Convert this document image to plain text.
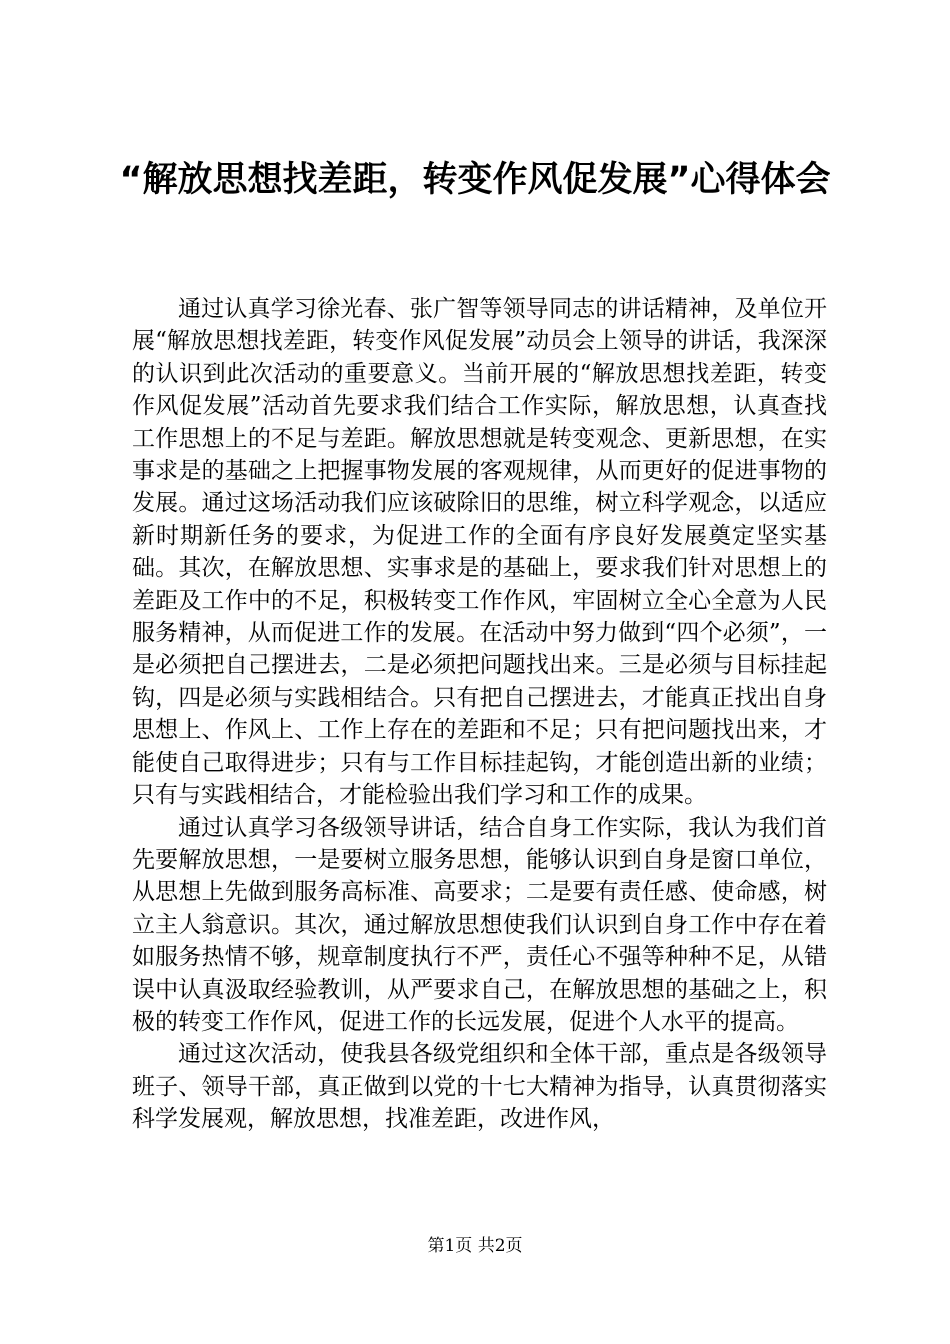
“解放思想找差距，转变作风促发展”心得体会

通过认真学习徐光春、张广智等领导同志的讲话精神，及单位开展“解放思想找差距，转变作风促发展”动员会上领导的讲话，我深深的认识到此次活动的重要意义。当前开展的“解放思想找差距，转变作风促发展”活动首先要求我们结合工作实际，解放思想，认真查找工作思想上的不足与差距。解放思想就是转变观念、更新思想，在实事求是的基础之上把握事物发展的客观规律，从而更好的促进事物的发展。通过这场活动我们应该破除旧的思维，树立科学观念，以适应新时期新任务的要求，为促进工作的全面有序良好发展奠定坚实基础。其次，在解放思想、实事求是的基础上，要求我们针对思想上的差距及工作中的不足，积极转变工作作风，牢固树立全心全意为人民服务精神，从而促进工作的发展。在活动中努力做到“四个必须”，一是必须把自己摆进去，二是必须把问题找出来。三是必须与目标挂起钩，四是必须与实践相结合。只有把自己摆进去，才能真正找出自身思想上、作风上、工作上存在的差距和不足；只有把问题找出来，才能使自己取得进步；只有与工作目标挂起钩，才能创造出新的业绩；只有与实践相结合，才能检验出我们学习和工作的成果。

通过认真学习各级领导讲话，结合自身工作实际，我认为我们首先要解放思想，一是要树立服务思想，能够认识到自身是窗口单位，从思想上先做到服务高标准、高要求；二是要有责任感、使命感，树立主人翁意识。其次，通过解放思想使我们认识到自身工作中存在着如服务热情不够，规章制度执行不严，责任心不强等种种不足，从错误中认真汲取经验教训，从严要求自己，在解放思想的基础之上，积极的转变工作作风，促进工作的长远发展，促进个人水平的提高。

通过这次活动，使我县各级党组织和全体干部，重点是各级领导班子、领导干部，真正做到以党的十七大精神为指导，认真贯彻落实科学发展观，解放思想，找准差距，改进作风，

第1页 共2页
